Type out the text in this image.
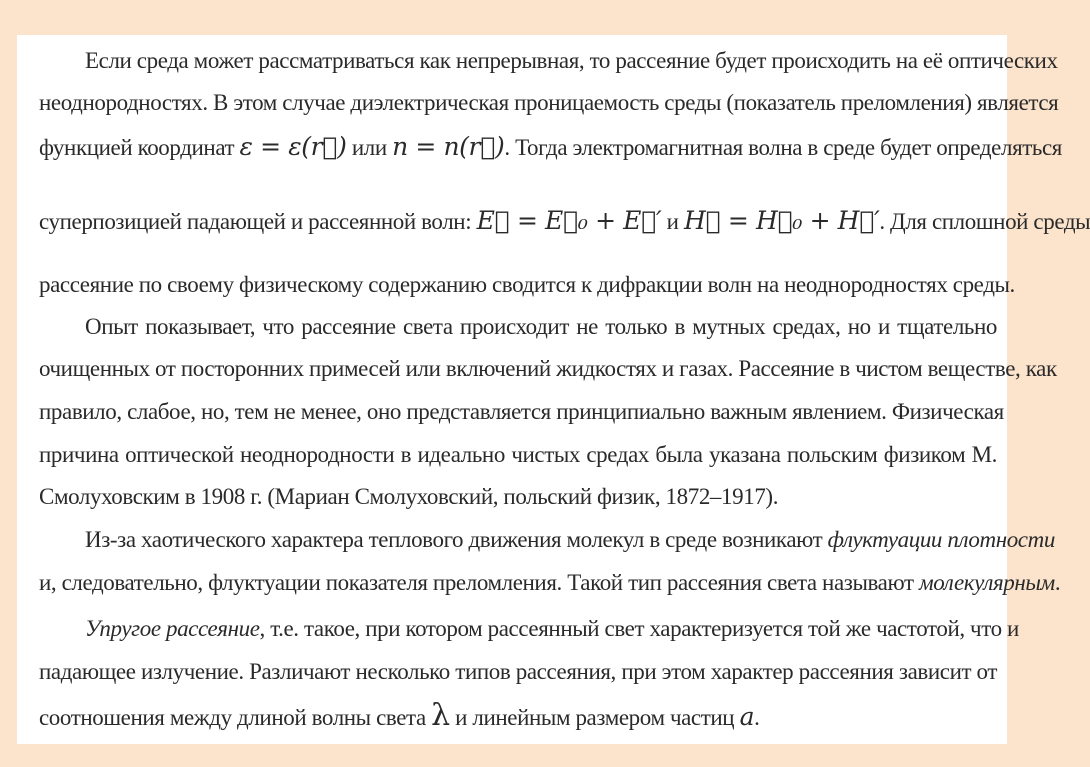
Если среда может рассматриваться как непрерывная, то рассеяние будет происходить на её оптических
неоднородностях. В этом случае диэлектрическая проницаемость среды (показатель преломления) является
функцией координат ε = ε(r⃗) или n = n(r⃗). Тогда электромагнитная волна в среде будет определяться
суперпозицией падающей и рассеянной волн: E⃗ = E⃗₀ + E⃗′ и H⃗ = H⃗₀ + H⃗′. Для сплошной среды
рассеяние по своему физическому содержанию сводится к дифракции волн на неоднородностях среды.
Опыт показывает, что рассеяние света происходит не только в мутных средах, но и тщательно
очищенных от посторонних примесей или включений жидкостях и газах. Рассеяние в чистом веществе, как
правило, слабое, но, тем не менее, оно представляется принципиально важным явлением. Физическая
причина оптической неоднородности в идеально чистых средах была указана польским физиком М.
Смолуховским в 1908 г. (Мариан Смолуховский, польский физик, 1872–1917).
Из-за хаотического характера теплового движения молекул в среде возникают флуктуации плотности
и, следовательно, флуктуации показателя преломления. Такой тип рассеяния света называют молекулярным.
Упругое рассеяние, т.е. такое, при котором рассеянный свет характеризуется той же частотой, что и
падающее излучение. Различают несколько типов рассеяния, при этом характер рассеяния зависит от
соотношения между длиной волны света λ и линейным размером частиц a.
